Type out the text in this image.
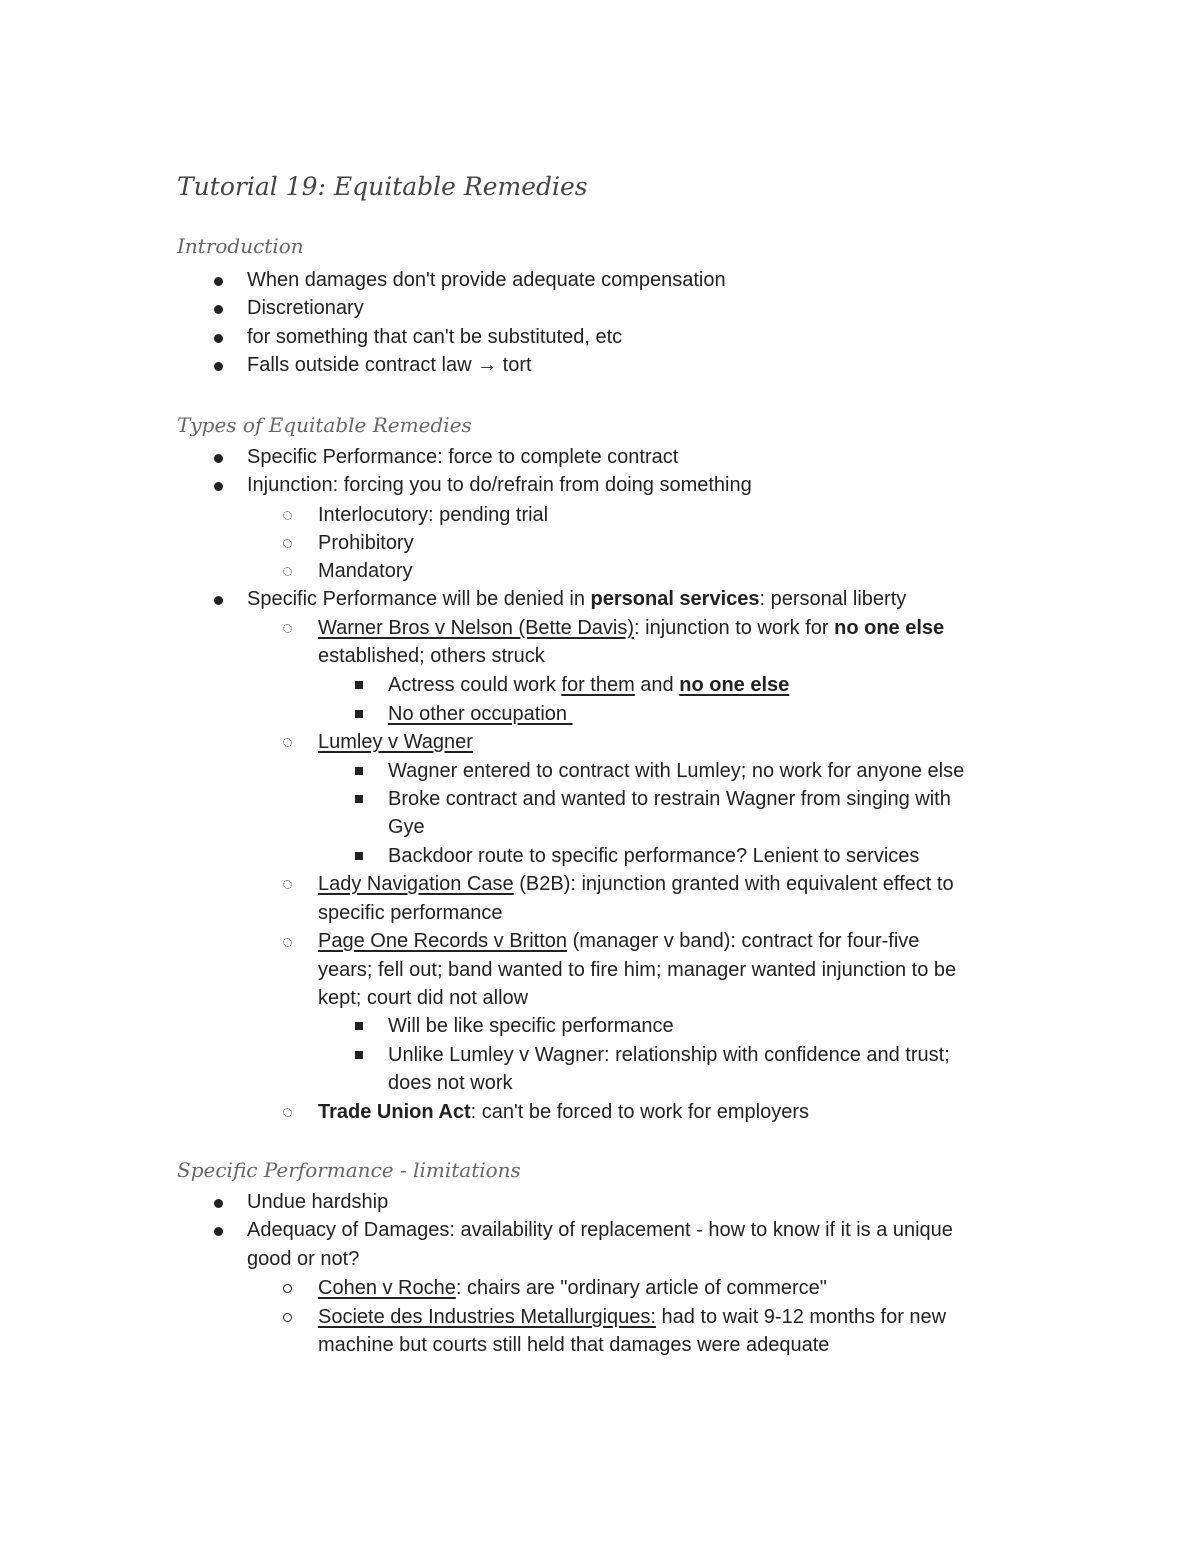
Tutorial 19: Equitable Remedies
Introduction
When damages don't provide adequate compensation
Discretionary
for something that can't be substituted, etc
Falls outside contract law → tort
Types of Equitable Remedies
Specific Performance: force to complete contract
Injunction: forcing you to do/refrain from doing something
Interlocutory: pending trial
Prohibitory
Mandatory
Specific Performance will be denied in personal services: personal liberty
Warner Bros v Nelson (Bette Davis): injunction to work for no one else
established; others struck
Actress could work for them and no one else
No other occupation
Lumley v Wagner
Wagner entered to contract with Lumley; no work for anyone else
Broke contract and wanted to restrain Wagner from singing with
Gye
Backdoor route to specific performance? Lenient to services
Lady Navigation Case (B2B): injunction granted with equivalent effect to
specific performance
Page One Records v Britton (manager v band): contract for four-five
years; fell out; band wanted to fire him; manager wanted injunction to be
kept; court did not allow
Will be like specific performance
Unlike Lumley v Wagner: relationship with confidence and trust;
does not work
Trade Union Act: can't be forced to work for employers
Specific Performance - limitations
Undue hardship
Adequacy of Damages: availability of replacement - how to know if it is a unique
good or not?
Cohen v Roche: chairs are "ordinary article of commerce"
Societe des Industries Metallurgiques: had to wait 9-12 months for new
machine but courts still held that damages were adequate
